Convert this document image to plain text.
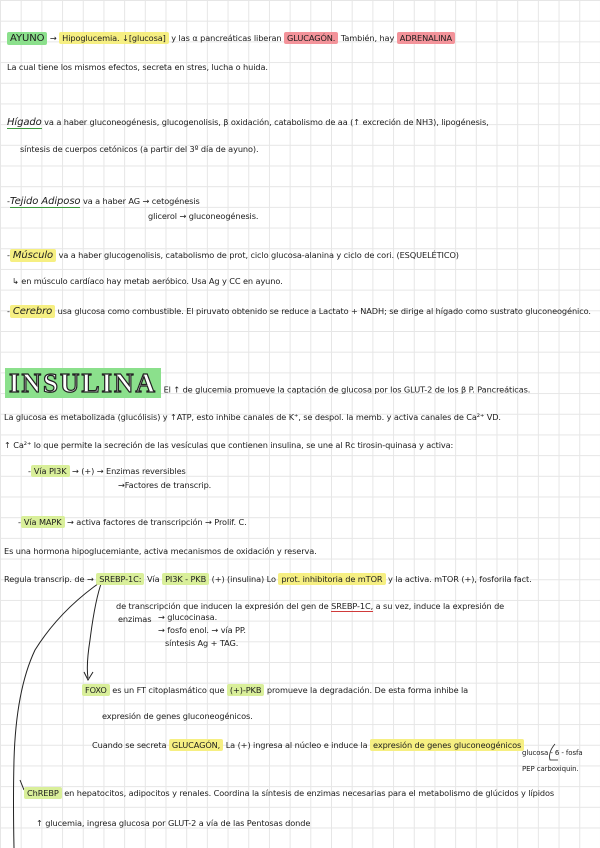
AYUNO → Hipoglucemia. ↓[glucosa] y las α pancreáticas liberan GLUCAGÓN. También, hay ADRENALINA
La cual tiene los mismos efectos, secreta en stres, lucha o huida.
Hígado va a haber gluconeogénesis, glucogenolisis, β oxidación, catabolismo de aa (↑ excreción de NH3), lipogénesis,
síntesis de cuerpos cetónicos (a partir del 3º día de ayuno).
-Tejido Adiposo va a haber AG → cetogénesis
glicerol → gluconeogénesis.
- Músculo va a haber glucogenolisis, catabolismo de prot, ciclo glucosa-alanina y ciclo de cori. (ESQUELÉTICO)
↳ en músculo cardíaco hay metab aeróbico. Usa Ag y CC en ayuno.
- Cerebro usa glucosa como combustible. El piruvato obtenido se reduce a Lactato + NADH; se dirige al hígado como sustrato gluconeogénico.
INSULINA El ↑ de glucemia promueve la captación de glucosa por los GLUT-2 de los β P. Pancreáticas.
La glucosa es metabolizada (glucólisis) y ↑ATP, esto inhibe canales de K⁺, se despol. la memb. y activa canales de Ca²⁺ VD.
↑ Ca²⁺ lo que permite la secreción de las vesículas que contienen insulina, se une al Rc tirosin-quinasa y activa:
- Vía PI3K → (+) → Enzimas reversibles
→Factores de transcrip.
- Vía MAPK → activa factores de transcripción → Prolif. C.
Es una hormona hipoglucemiante, activa mecanismos de oxidación y reserva.
Regula transcrip. de → SREBP-1C: Vía PI3K - PKB (+) (insulina) Lo prot. inhibitoria de mTOR y la activa. mTOR (+), fosforila fact.
de transcripción que inducen la expresión del gen de SREBP-1C, a su vez, induce la expresión de
enzimas → glucocinasa.
→ fosfo enol. → vía PP.
síntesis Ag + TAG.
FOXO es un FT citoplasmático que (+)-PKB promueve la degradación. De esta forma inhibe la
expresión de genes gluconeogénicos.
Cuando se secreta GLUCAGÓN, La (+) ingresa al núcleo e induce la expresión de genes gluconeogénicos
glucosa - 6 - fosfa
PEP carboxiquin.
ChREBP en hepatocitos, adipocitos y renales. Coordina la síntesis de enzimas necesarias para el metabolismo de glúcidos y lípidos
↑ glucemia, ingresa glucosa por GLUT-2 a vía de las Pentosas donde
